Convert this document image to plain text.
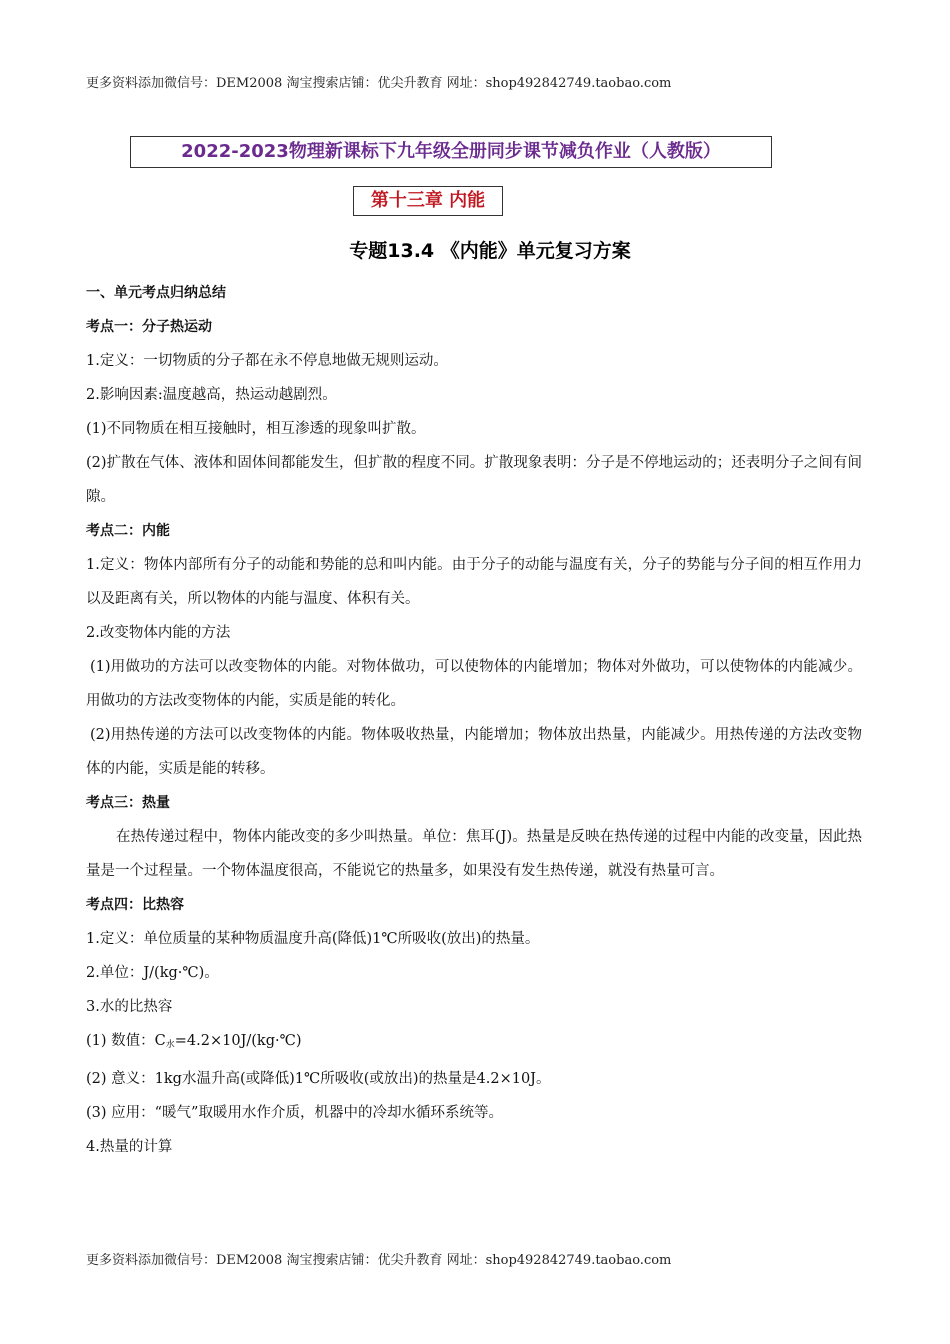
更多资料添加微信号：DEM2008 淘宝搜索店铺：优尖升教育 网址：shop492842749.taobao.com
2022-2023物理新课标下九年级全册同步课节减负作业（人教版）
第十三章 内能
专题13.4 《内能》单元复习方案
一、单元考点归纳总结
考点一：分子热运动
1.定义：一切物质的分子都在永不停息地做无规则运动。
2.影响因素:温度越高，热运动越剧烈。
(1)不同物质在相互接触时，相互渗透的现象叫扩散。
(2)扩散在气体、液体和固体间都能发生，但扩散的程度不同。扩散现象表明：分子是不停地运动的；还表明分子之间有间隙。
考点二：内能
1.定义：物体内部所有分子的动能和势能的总和叫内能。由于分子的动能与温度有关，分子的势能与分子间的相互作用力以及距离有关，所以物体的内能与温度、体积有关。
2.改变物体内能的方法
(1)用做功的方法可以改变物体的内能。对物体做功，可以使物体的内能增加；物体对外做功，可以使物体的内能减少。用做功的方法改变物体的内能，实质是能的转化。
(2)用热传递的方法可以改变物体的内能。物体吸收热量，内能增加；物体放出热量，内能减少。用热传递的方法改变物体的内能，实质是能的转移。
考点三：热量
在热传递过程中，物体内能改变的多少叫热量。单位：焦耳(J)。热量是反映在热传递的过程中内能的改变量，因此热量是一个过程量。一个物体温度很高，不能说它的热量多，如果没有发生热传递，就没有热量可言。
考点四：比热容
1.定义：单位质量的某种物质温度升高(降低)1℃所吸收(放出)的热量。
2.单位：J/(kg·℃)。
3.水的比热容
(1) 数值：$C_水=4.2\times 10J/(kg\cdot℃)$
(2) 意义：1kg水温升高(或降低)1℃所吸收(或放出)的热量是4.2×10J。
(3) 应用：“暖气”取暖用水作介质，机器中的冷却水循环系统等。
4.热量的计算
更多资料添加微信号：DEM2008 淘宝搜索店铺：优尖升教育 网址：shop492842749.taobao.com
